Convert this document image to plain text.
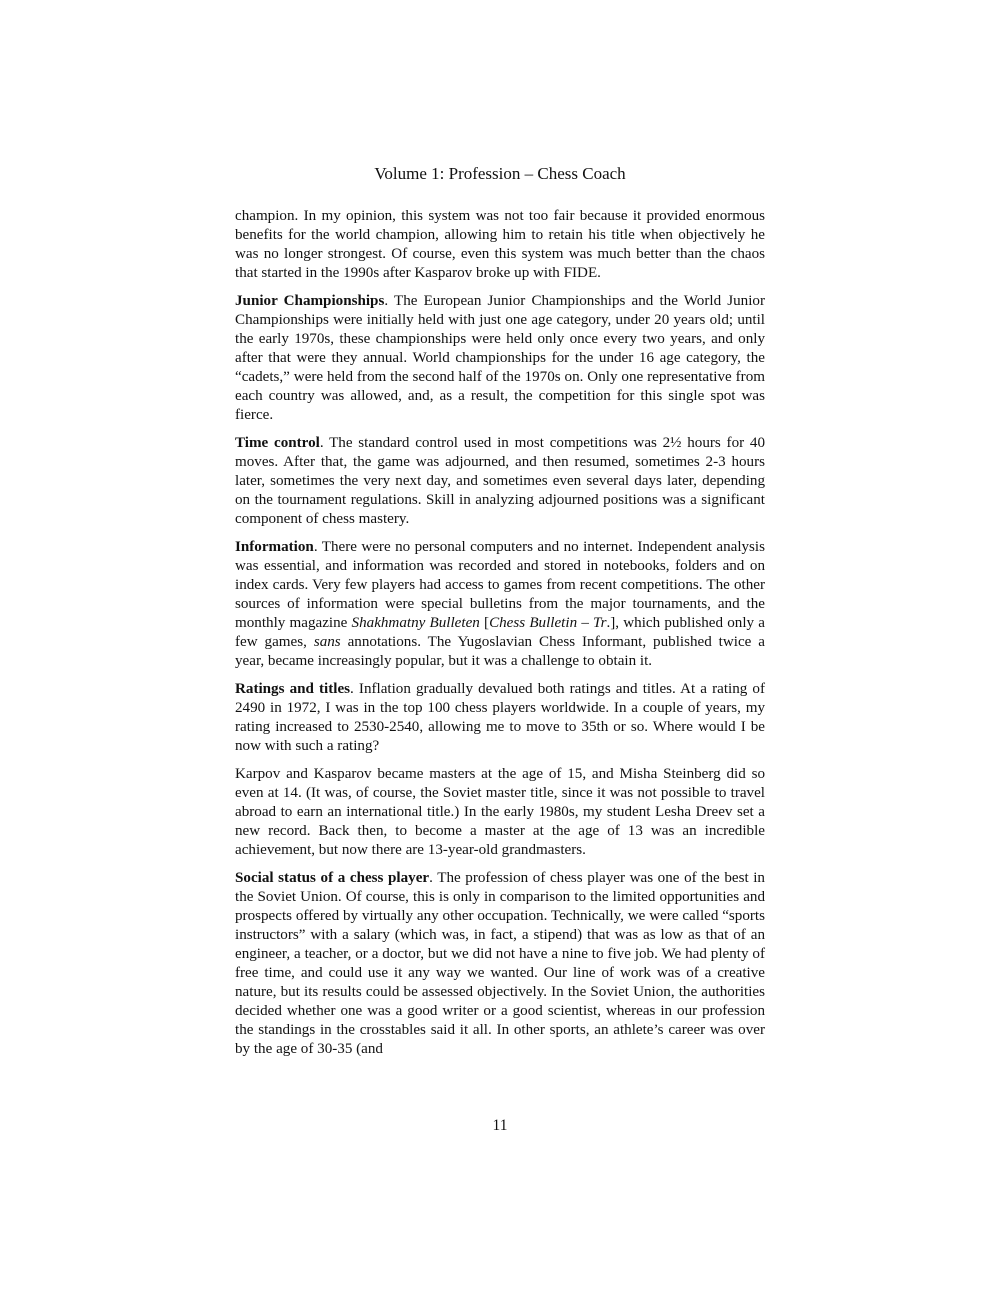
Volume 1: Profession – Chess Coach

champion. In my opinion, this system was not too fair because it provided enormous benefits for the world champion, allowing him to retain his title when objectively he was no longer strongest. Of course, even this system was much better than the chaos that started in the 1990s after Kasparov broke up with FIDE.

Junior Championships. The European Junior Championships and the World Junior Championships were initially held with just one age category, under 20 years old; until the early 1970s, these championships were held only once every two years, and only after that were they annual. World championships for the under 16 age category, the “cadets,” were held from the second half of the 1970s on. Only one representative from each country was allowed, and, as a result, the competition for this single spot was fierce.

Time control. The standard control used in most competitions was 2½ hours for 40 moves. After that, the game was adjourned, and then resumed, sometimes 2-3 hours later, sometimes the very next day, and sometimes even several days later, depending on the tournament regulations. Skill in analyzing adjourned positions was a significant component of chess mastery.

Information. There were no personal computers and no internet. Independent analysis was essential, and information was recorded and stored in notebooks, folders and on index cards. Very few players had access to games from recent competitions. The other sources of information were special bulletins from the major tournaments, and the monthly magazine Shakhmatny Bulleten [Chess Bulletin – Tr.], which published only a few games, sans annotations. The Yugoslavian Chess Informant, published twice a year, became increasingly popular, but it was a challenge to obtain it.

Ratings and titles. Inflation gradually devalued both ratings and titles. At a rating of 2490 in 1972, I was in the top 100 chess players worldwide. In a couple of years, my rating increased to 2530-2540, allowing me to move to 35th or so. Where would I be now with such a rating?

Karpov and Kasparov became masters at the age of 15, and Misha Steinberg did so even at 14. (It was, of course, the Soviet master title, since it was not possible to travel abroad to earn an international title.) In the early 1980s, my student Lesha Dreev set a new record. Back then, to become a master at the age of 13 was an incredible achievement, but now there are 13-year-old grandmasters.

Social status of a chess player. The profession of chess player was one of the best in the Soviet Union. Of course, this is only in comparison to the limited opportunities and prospects offered by virtually any other occupation. Technically, we were called “sports instructors” with a salary (which was, in fact, a stipend) that was as low as that of an engineer, a teacher, or a doctor, but we did not have a nine to five job. We had plenty of free time, and could use it any way we wanted. Our line of work was of a creative nature, but its results could be assessed objectively. In the Soviet Union, the authorities decided whether one was a good writer or a good scientist, whereas in our profession the standings in the crosstables said it all. In other sports, an athlete’s career was over by the age of 30-35 (and

11
